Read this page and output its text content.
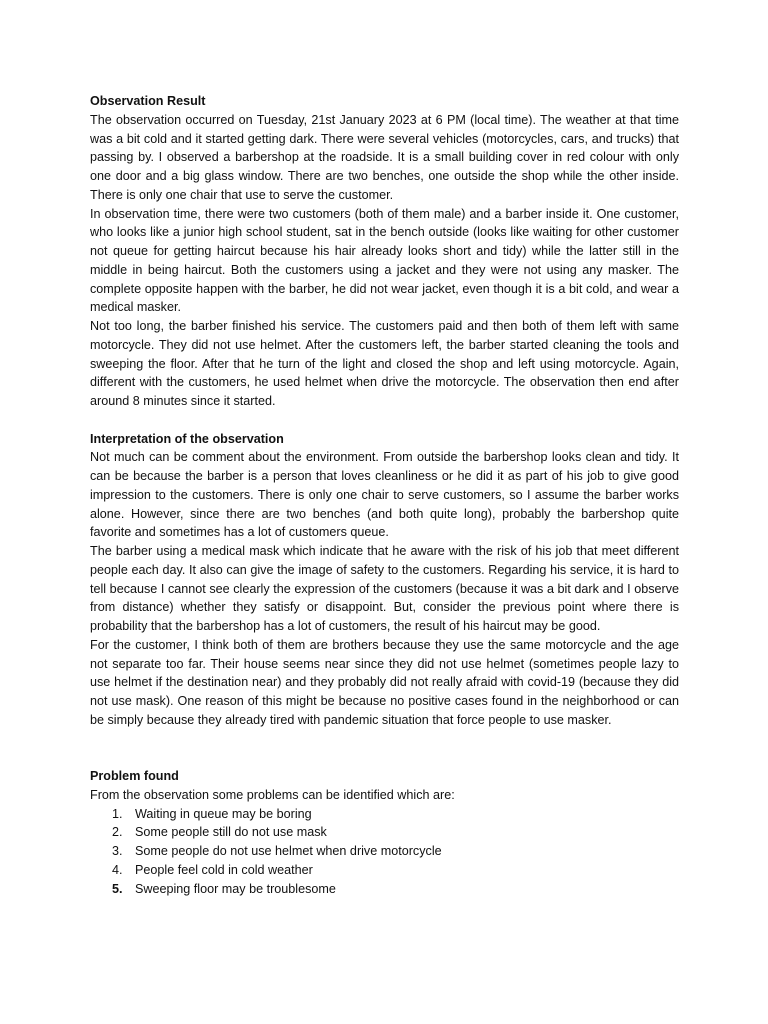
Observation Result

The observation occurred on Tuesday, 21st January 2023 at 6 PM (local time). The weather at that time was a bit cold and it started getting dark. There were several vehicles (motorcycles, cars, and trucks) that passing by. I observed a barbershop at the roadside. It is a small building cover in red colour with only one door and a big glass window. There are two benches, one outside the shop while the other inside. There is only one chair that use to serve the customer.

In observation time, there were two customers (both of them male) and a barber inside it. One customer, who looks like a junior high school student, sat in the bench outside (looks like waiting for other customer not queue for getting haircut because his hair already looks short and tidy) while the latter still in the middle in being haircut. Both the customers using a jacket and they were not using any masker. The complete opposite happen with the barber, he did not wear jacket, even though it is a bit cold, and wear a medical masker.

Not too long, the barber finished his service. The customers paid and then both of them left with same motorcycle. They did not use helmet. After the customers left, the barber started cleaning the tools and sweeping the floor. After that he turn of the light and closed the shop and left using motorcycle. Again, different with the customers, he used helmet when drive the motorcycle. The observation then end after around 8 minutes since it started.

Interpretation of the observation

Not much can be comment about the environment. From outside the barbershop looks clean and tidy. It can be because the barber is a person that loves cleanliness or he did it as part of his job to give good impression to the customers. There is only one chair to serve customers, so I assume the barber works alone. However, since there are two benches (and both quite long), probably the barbershop quite favorite and sometimes has a lot of customers queue.

The barber using a medical mask which indicate that he aware with the risk of his job that meet different people each day. It also can give the image of safety to the customers. Regarding his service, it is hard to tell because I cannot see clearly the expression of the customers (because it was a bit dark and I observe from distance) whether they satisfy or disappoint. But, consider the previous point where there is probability that the barbershop has a lot of customers, the result of his haircut may be good.

For the customer, I think both of them are brothers because they use the same motorcycle and the age not separate too far. Their house seems near since they did not use helmet (sometimes people lazy to use helmet if the destination near) and they probably did not really afraid with covid-19 (because they did not use mask). One reason of this might be because no positive cases found in the neighborhood or can be simply because they already tired with pandemic situation that force people to use masker.

Problem found

From the observation some problems can be identified which are:

1. Waiting in queue may be boring
2. Some people still do not use mask
3. Some people do not use helmet when drive motorcycle
4. People feel cold in cold weather
5. Sweeping floor may be troublesome
